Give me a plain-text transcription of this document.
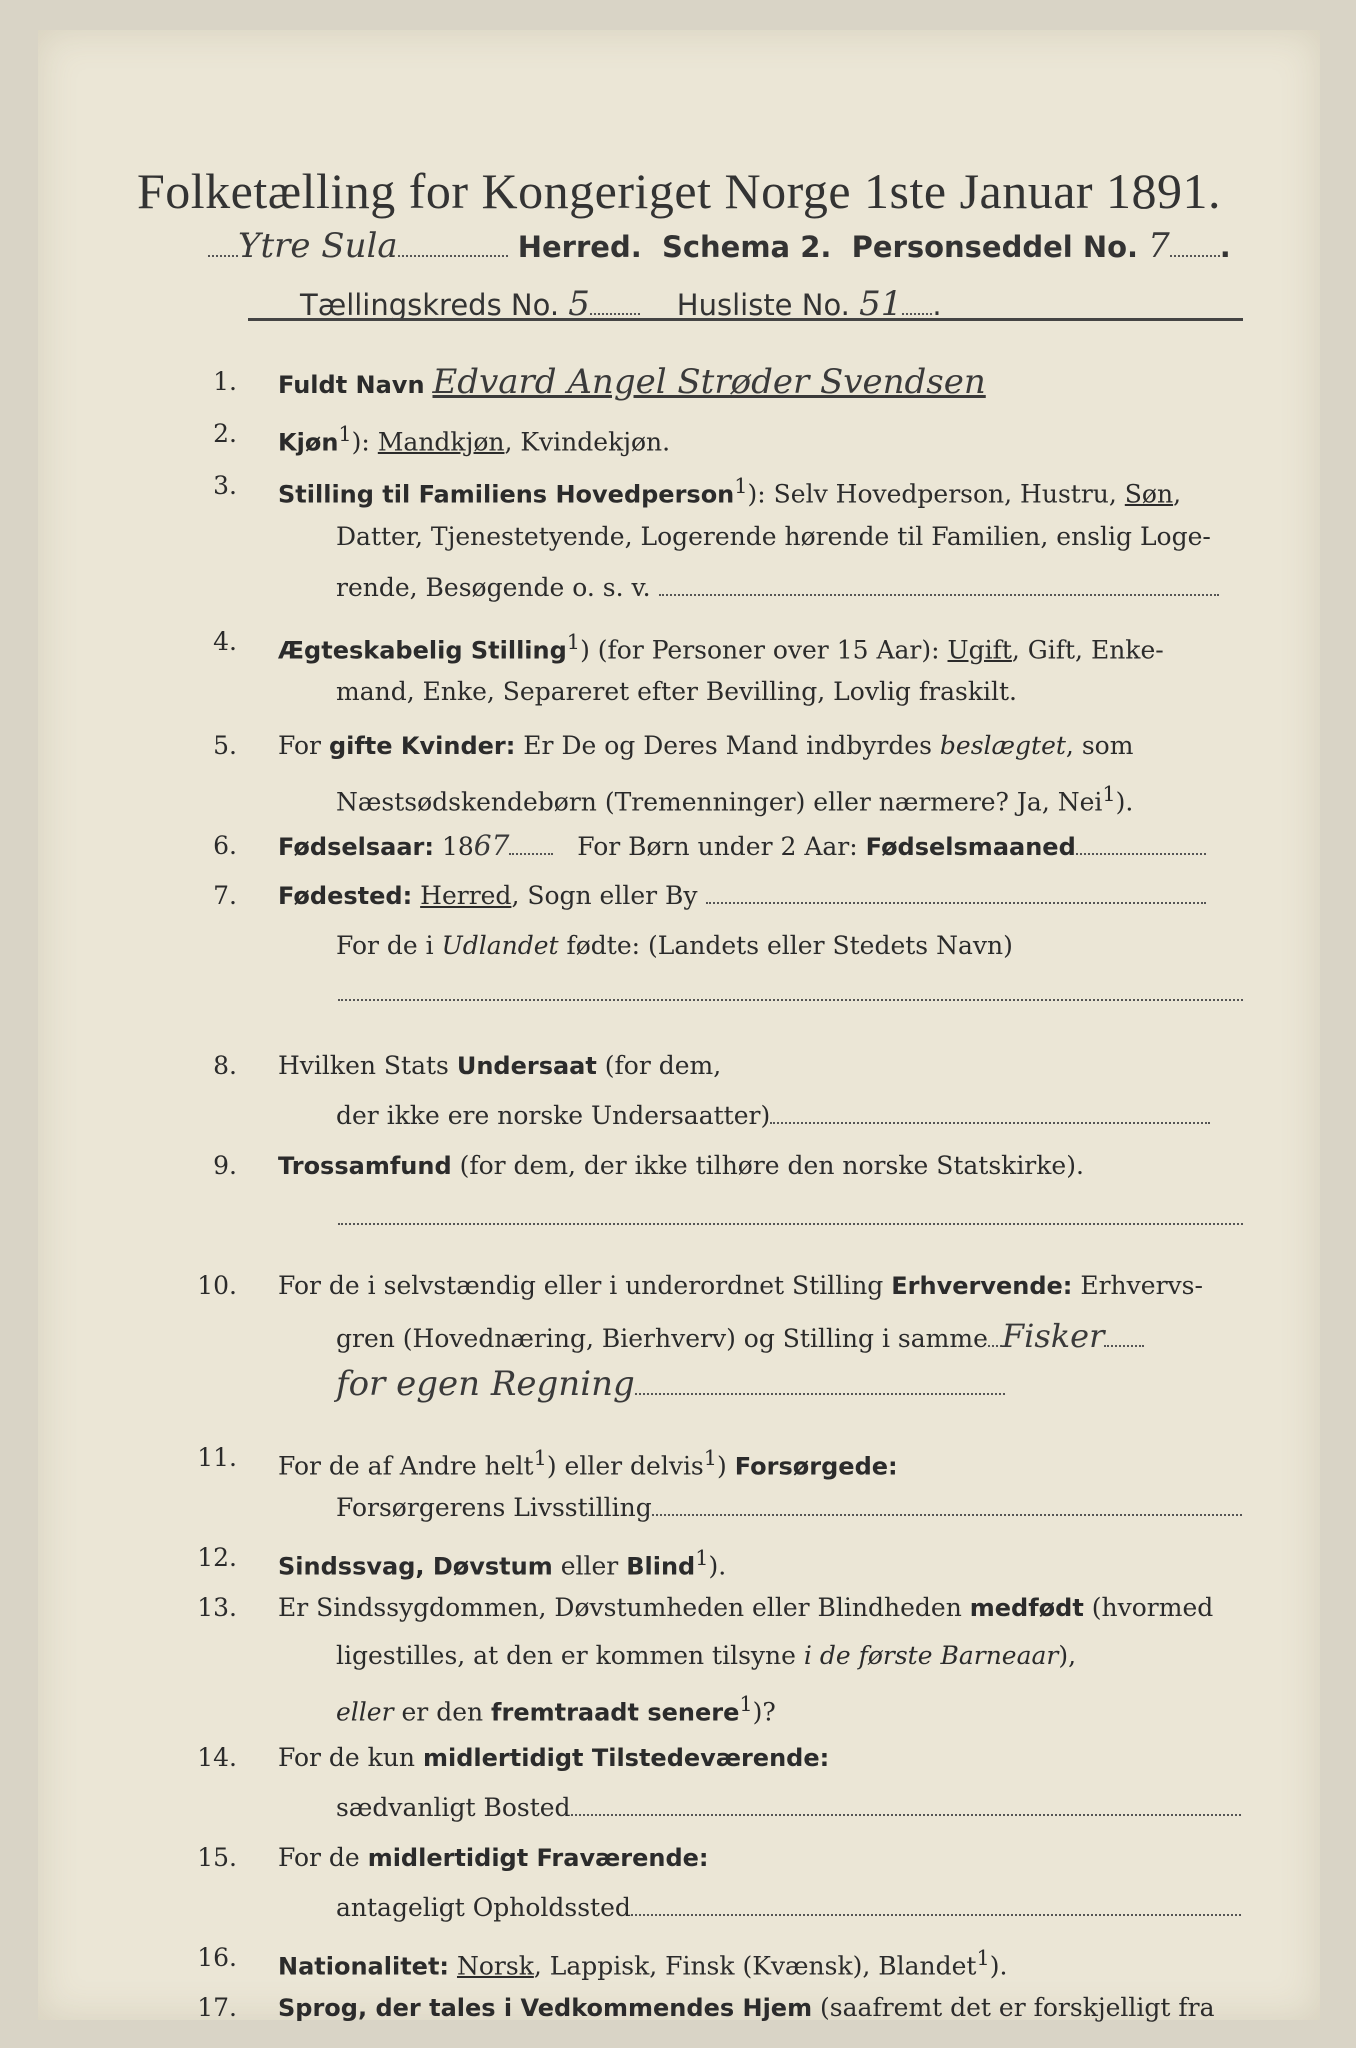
Folketælling for Kongeriget Norge 1ste Januar 1891.
Ytre Sula	Herred. Schema 2. Personseddel No. 7 .
Tællingskreds No. 5	Husliste No. 51 .
1. Fuldt Navn Edvard Angel Strøder Svendsen
2. Kjøn$^1$): Mandkjøn, Kvindekjøn.
3. Stilling til Familiens Hovedperson$^1$): Selv Hovedperson, Hustru, Søn,
Datter, Tjenestetyende, Logerende hørende til Familien, enslig Loge-
rende, Besøgende o. s. v.
4. Ægteskabelig Stilling$^1$) (for Personer over 15 Aar): Ugift, Gift, Enke-
mand, Enke, Separeret efter Bevilling, Lovlig fraskilt.
5. For gifte Kvinder: Er De og Deres Mand indbyrdes beslægtet, som
Næstsødskendebørn (Tremenninger) eller nærmere? Ja, Nei$^1$).
6. Fødselsaar: 1867	For Børn under 2 Aar: Fødselsmaaned
7. Fødested: Herred, Sogn eller By
For de i Udlandet fødte: (Landets eller Stedets Navn)
8. Hvilken Stats Undersaat (for dem,
der ikke ere norske Undersaatter)
9. Trossamfund (for dem, der ikke tilhøre den norske Statskirke).
10. For de i selvstændig eller i underordnet Stilling Erhvervende: Erhvervs-
gren (Hovednæring, Bierhverv) og Stilling i samme Fisker
for egen Regning
11. For de af Andre helt$^1$) eller delvis$^1$) Forsørgede:
Forsørgerens Livsstilling
12. Sindssvag, Døvstum eller Blind$^1$).
13. Er Sindssygdommen, Døvstumheden eller Blindheden medfødt (hvormed
ligestilles, at den er kommen tilsyne i de første Barneaar),
eller er den fremtraadt senere$^1$)?
14. For de kun midlertidigt Tilstedeværende:
sædvanligt Bosted
15. For de midlertidigt Fraværende:
antageligt Opholdssted
16. Nationalitet: Norsk, Lappisk, Finsk (Kvænsk), Blandet$^1$).
17. Sprog, der tales i Vedkommendes Hjem (saafremt det er forskjelligt fra
